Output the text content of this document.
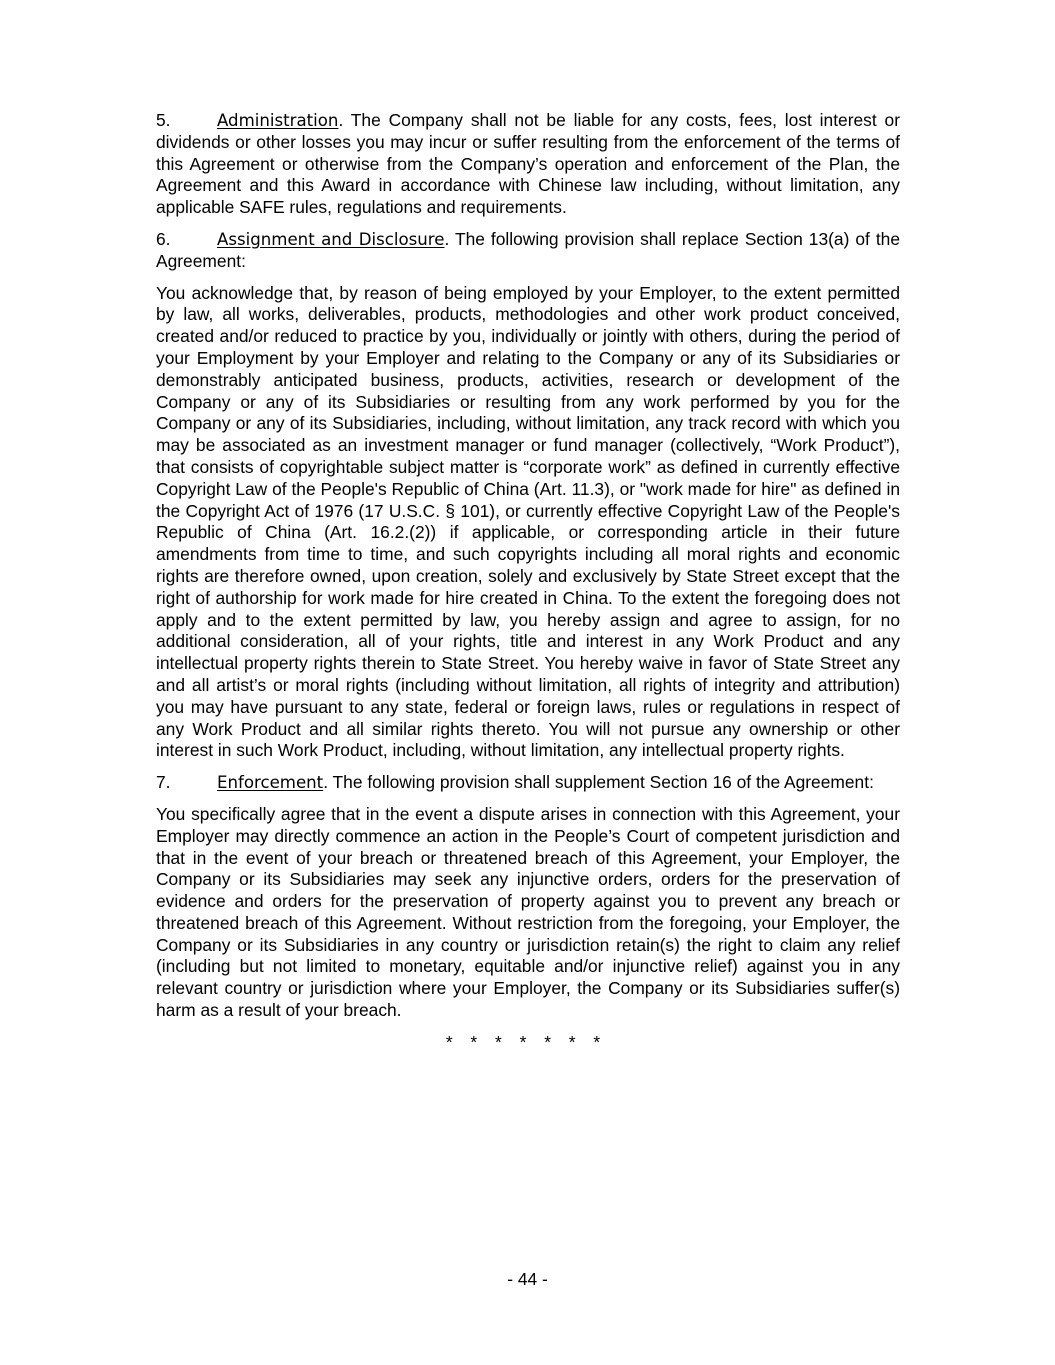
5.	Administration. The Company shall not be liable for any costs, fees, lost interest or dividends or other losses you may incur or suffer resulting from the enforcement of the terms of this Agreement or otherwise from the Company’s operation and enforcement of the Plan, the Agreement and this Award in accordance with Chinese law including, without limitation, any applicable SAFE rules, regulations and requirements.

6.	Assignment and Disclosure. The following provision shall replace Section 13(a) of the Agreement:

You acknowledge that, by reason of being employed by your Employer, to the extent permitted by law, all works, deliverables, products, methodologies and other work product conceived, created and/or reduced to practice by you, individually or jointly with others, during the period of your Employment by your Employer and relating to the Company or any of its Subsidiaries or demonstrably anticipated business, products, activities, research or development of the Company or any of its Subsidiaries or resulting from any work performed by you for the Company or any of its Subsidiaries, including, without limitation, any track record with which you may be associated as an investment manager or fund manager (collectively, “Work Product”), that consists of copyrightable subject matter is “corporate work” as defined in currently effective Copyright Law of the People's Republic of China (Art. 11.3), or "work made for hire" as defined in the Copyright Act of 1976 (17 U.S.C. § 101), or currently effective Copyright Law of the People's Republic of China (Art. 16.2.(2)) if applicable, or corresponding article in their future amendments from time to time, and such copyrights including all moral rights and economic rights are therefore owned, upon creation, solely and exclusively by State Street except that the right of authorship for work made for hire created in China. To the extent the foregoing does not apply and to the extent permitted by law, you hereby assign and agree to assign, for no additional consideration, all of your rights, title and interest in any Work Product and any intellectual property rights therein to State Street. You hereby waive in favor of State Street any and all artist’s or moral rights (including without limitation, all rights of integrity and attribution) you may have pursuant to any state, federal or foreign laws, rules or regulations in respect of any Work Product and all similar rights thereto. You will not pursue any ownership or other interest in such Work Product, including, without limitation, any intellectual property rights.

7.	Enforcement. The following provision shall supplement Section 16 of the Agreement:

You specifically agree that in the event a dispute arises in connection with this Agreement, your Employer may directly commence an action in the People’s Court of competent jurisdiction and that in the event of your breach or threatened breach of this Agreement, your Employer, the Company or its Subsidiaries may seek any injunctive orders, orders for the preservation of evidence and orders for the preservation of property against you to prevent any breach or threatened breach of this Agreement. Without restriction from the foregoing, your Employer, the Company or its Subsidiaries in any country or jurisdiction retain(s) the right to claim any relief (including but not limited to monetary, equitable and/or injunctive relief) against you in any relevant country or jurisdiction where your Employer, the Company or its Subsidiaries suffer(s) harm as a result of your breach.

* * * * * * *

- 44 -
